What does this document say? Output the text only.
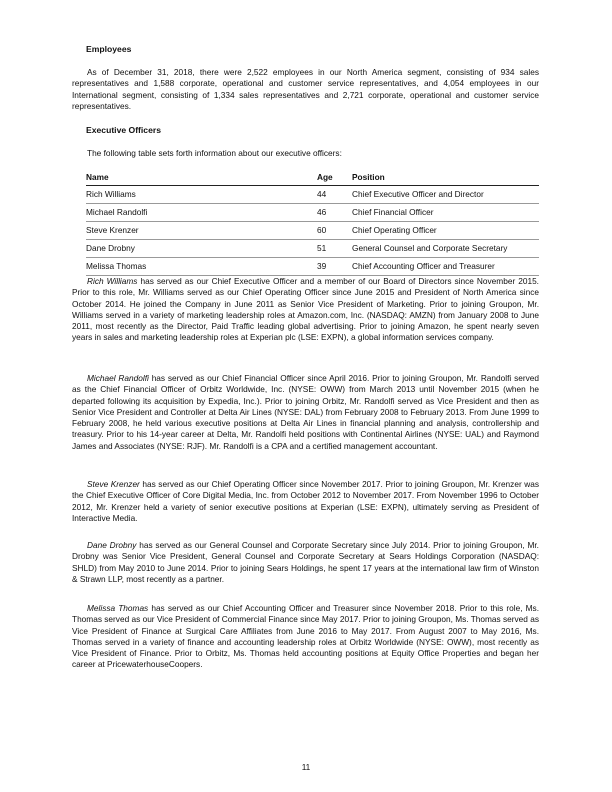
Employees
As of December 31, 2018, there were 2,522 employees in our North America segment, consisting of 934 sales representatives and 1,588 corporate, operational and customer service representatives, and 4,054 employees in our International segment, consisting of 1,334 sales representatives and 2,721 corporate, operational and customer service representatives.
Executive Officers
The following table sets forth information about our executive officers:
Name	Age Position
Rich Williams	44	Chief Executive Officer and Director
Michael Randolfi	46	Chief Financial Officer
Steve Krenzer	60	Chief Operating Officer
Dane Drobny	51	General Counsel and Corporate Secretary
Melissa Thomas	39	Chief Accounting Officer and Treasurer
Rich Williams has served as our Chief Executive Officer and a member of our Board of Directors since November 2015. Prior to this role, Mr. Williams served as our Chief Operating Officer since June 2015 and President of North America since October 2014. He joined the Company in June 2011 as Senior Vice President of Marketing. Prior to joining Groupon, Mr. Williams served in a variety of marketing leadership roles at Amazon.com, Inc. (NASDAQ: AMZN) from January 2008 to June 2011, most recently as the Director, Paid Traffic leading global advertising. Prior to joining Amazon, he spent nearly seven years in sales and marketing leadership roles at Experian plc (LSE: EXPN), a global information services company.
Michael Randolfi has served as our Chief Financial Officer since April 2016. Prior to joining Groupon, Mr. Randolfi served as the Chief Financial Officer of Orbitz Worldwide, Inc. (NYSE: OWW) from March 2013 until November 2015 (when he departed following its acquisition by Expedia, Inc.). Prior to joining Orbitz, Mr. Randolfi served as Vice President and then as Senior Vice President and Controller at Delta Air Lines (NYSE: DAL) from February 2008 to February 2013. From June 1999 to February 2008, he held various executive positions at Delta Air Lines in financial planning and analysis, controllership and treasury. Prior to his 14-year career at Delta, Mr. Randolfi held positions with Continental Airlines (NYSE: UAL) and Raymond James and Associates (NYSE: RJF). Mr. Randolfi is a CPA and a certified management accountant.
Steve Krenzer has served as our Chief Operating Officer since November 2017. Prior to joining Groupon, Mr. Krenzer was the Chief Executive Officer of Core Digital Media, Inc. from October 2012 to November 2017. From November 1996 to October 2012, Mr. Krenzer held a variety of senior executive positions at Experian (LSE: EXPN), ultimately serving as President of Interactive Media.
Dane Drobny has served as our General Counsel and Corporate Secretary since July 2014. Prior to joining Groupon, Mr. Drobny was Senior Vice President, General Counsel and Corporate Secretary at Sears Holdings Corporation (NASDAQ: SHLD) from May 2010 to June 2014. Prior to joining Sears Holdings, he spent 17 years at the international law firm of Winston & Strawn LLP, most recently as a partner.
Melissa Thomas has served as our Chief Accounting Officer and Treasurer since November 2018. Prior to this role, Ms. Thomas served as our Vice President of Commercial Finance since May 2017. Prior to joining Groupon, Ms. Thomas served as Vice President of Finance at Surgical Care Affiliates from June 2016 to May 2017. From August 2007 to May 2016, Ms. Thomas served in a variety of finance and accounting leadership roles at Orbitz Worldwide (NYSE: OWW), most recently as Vice President of Finance. Prior to Orbitz, Ms. Thomas held accounting positions at Equity Office Properties and began her career at PricewaterhouseCoopers.
11
